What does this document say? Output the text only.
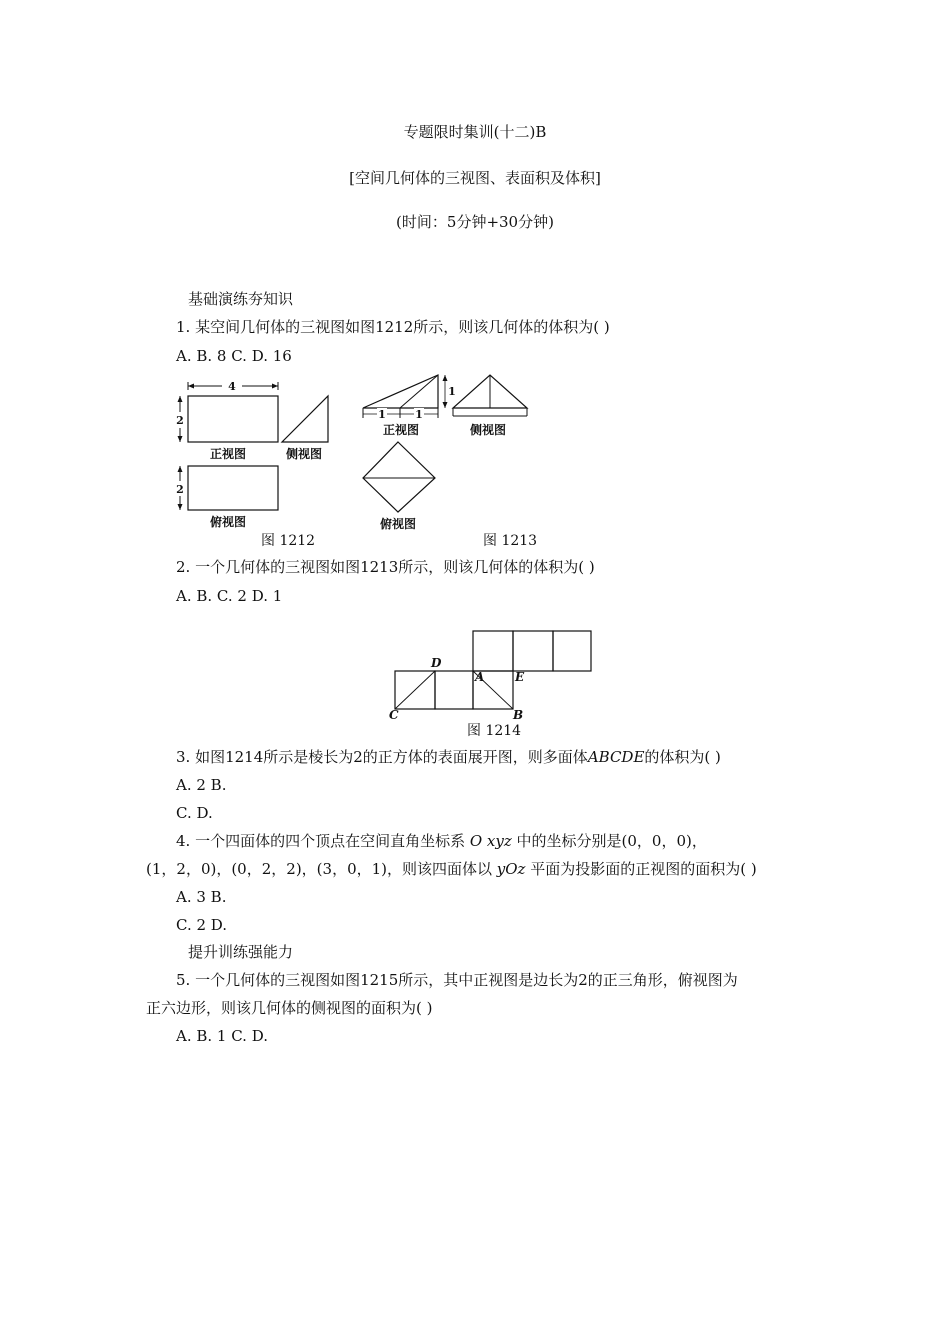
专题限时集训(十二)B
[空间几何体的三视图、表面积及体积]
(时间：5分钟+30分钟)
基础演练夯知识
1. 某空间几何体的三视图如图1212所示，则该几何体的体积为( )
A. B. 8 C. D. 16
4
2
正视图	侧视图
2
俯视图
图 1212
1	1
1
正视图	侧视图
俯视图
图 1213
2. 一个几何体的三视图如图1213所示，则该几何体的体积为( )
A. B. C. 2 D. 1
D
A	E
B
C
图 1214
3. 如图1214所示是棱长为2的正方体的表面展开图，则多面体ABCDE的体积为( )
A. 2 B.
C. D.
4. 一个四面体的四个顶点在空间直角坐标系 O xyz 中的坐标分别是(0，0，0)，
(1，2，0)，(0，2，2)，(3，0，1)，则该四面体以 yOz 平面为投影面的正视图的面积为( )
A. 3 B.
C. 2 D.
提升训练强能力
5. 一个几何体的三视图如图1215所示，其中正视图是边长为2的正三角形，俯视图为
正六边形，则该几何体的侧视图的面积为( )
A. B. 1 C. D.
